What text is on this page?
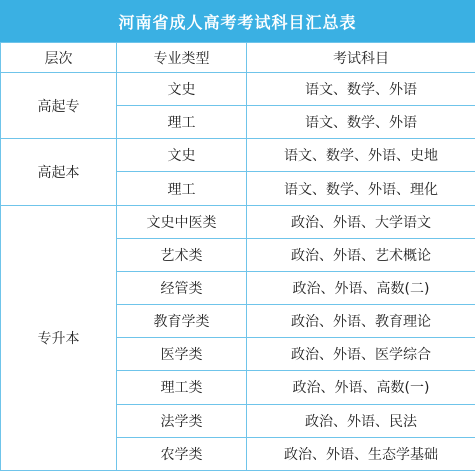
河南省成人高考考试科目汇总表
层次	专业类型	考试科目
高起专	文史	语文、数学、外语
	理工	语文、数学、外语
高起本	文史	语文、数学、外语、史地
	理工	语文、数学、外语、理化
专升本	文史中医类	政治、外语、大学语文
	艺术类	政治、外语、艺术概论
	经管类	政治、外语、高数(二)
	教育学类	政治、外语、教育理论
	医学类	政治、外语、医学综合
	理工类	政治、外语、高数(一)
	法学类	政治、外语、民法
	农学类	政治、外语、生态学基础
